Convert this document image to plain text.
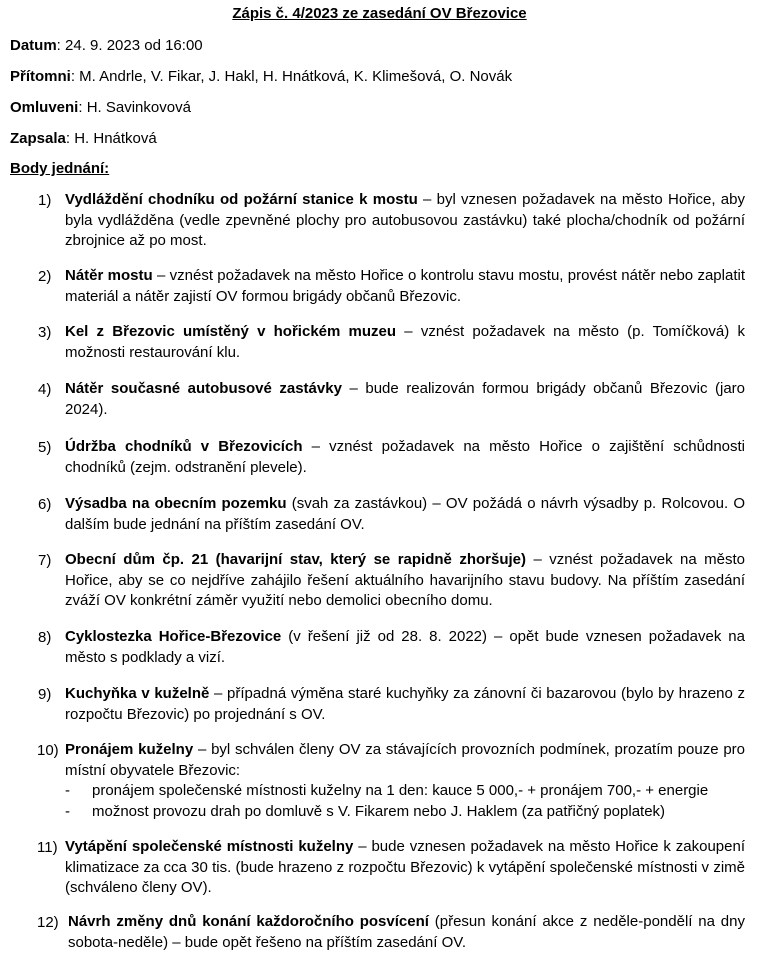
Zápis č. 4/2023 ze zasedání OV Březovice
Datum: 24. 9. 2023 od 16:00
Přítomni: M. Andrle, V. Fikar, J. Hakl, H. Hnátková, K. Klimešová, O. Novák
Omluveni: H. Savinkovová
Zapsala: H. Hnátková
Body jednání:
1) Vydláždění chodníku od požární stanice k mostu – byl vznesen požadavek na město Hořice, aby byla vydlážděna (vedle zpevněné plochy pro autobusovou zastávku) také plocha/chodník od požární zbrojnice až po most.

2) Nátěr mostu – vznést požadavek na město Hořice o kontrolu stavu mostu, provést nátěr nebo zaplatit materiál a nátěr zajistí OV formou brigády občanů Březovic.

3) Kel z Březovic umístěný v hořickém muzeu – vznést požadavek na město (p. Tomíčková) k možnosti restaurování klu.

4) Nátěr současné autobusové zastávky – bude realizován formou brigády občanů Březovic (jaro 2024).

5) Údržba chodníků v Březovicích – vznést požadavek na město Hořice o zajištění schůdnosti chodníků (zejm. odstranění plevele).

6) Výsadba na obecním pozemku (svah za zastávkou) – OV požádá o návrh výsadby p. Rolcovou. O dalším bude jednání na příštím zasedání OV.

7) Obecní dům čp. 21 (havarijní stav, který se rapidně zhoršuje) – vznést požadavek na město Hořice, aby se co nejdříve zahájilo řešení aktuálního havarijního stavu budovy. Na příštím zasedání zváží OV konkrétní záměr využití nebo demolici obecního domu.

8) Cyklostezka Hořice-Březovice (v řešení již od 28. 8. 2022) – opět bude vznesen požadavek na město s podklady a vizí.

9) Kuchyňka v kuželně – případná výměna staré kuchyňky za zánovní či bazarovou (bylo by hrazeno z rozpočtu Březovic) po projednání s OV.

10) Pronájem kuželny – byl schválen členy OV za stávajících provozních podmínek, prozatím pouze pro místní obyvatele Březovic:

- pronájem společenské místnosti kuželny na 1 den: kauce 5 000,- + pronájem 700,- + energie
- možnost provozu drah po domluvě s V. Fikarem nebo J. Haklem (za patřičný poplatek)
11) Vytápění společenské místnosti kuželny – bude vznesen požadavek na město Hořice k zakoupení klimatizace za cca 30 tis. (bude hrazeno z rozpočtu Březovic) k vytápění společenské místnosti v zimě (schváleno členy OV).

12) Návrh změny dnů konání každoročního posvícení (přesun konání akce z neděle-pondělí na dny sobota-neděle) – bude opět řešeno na příštím zasedání OV.
